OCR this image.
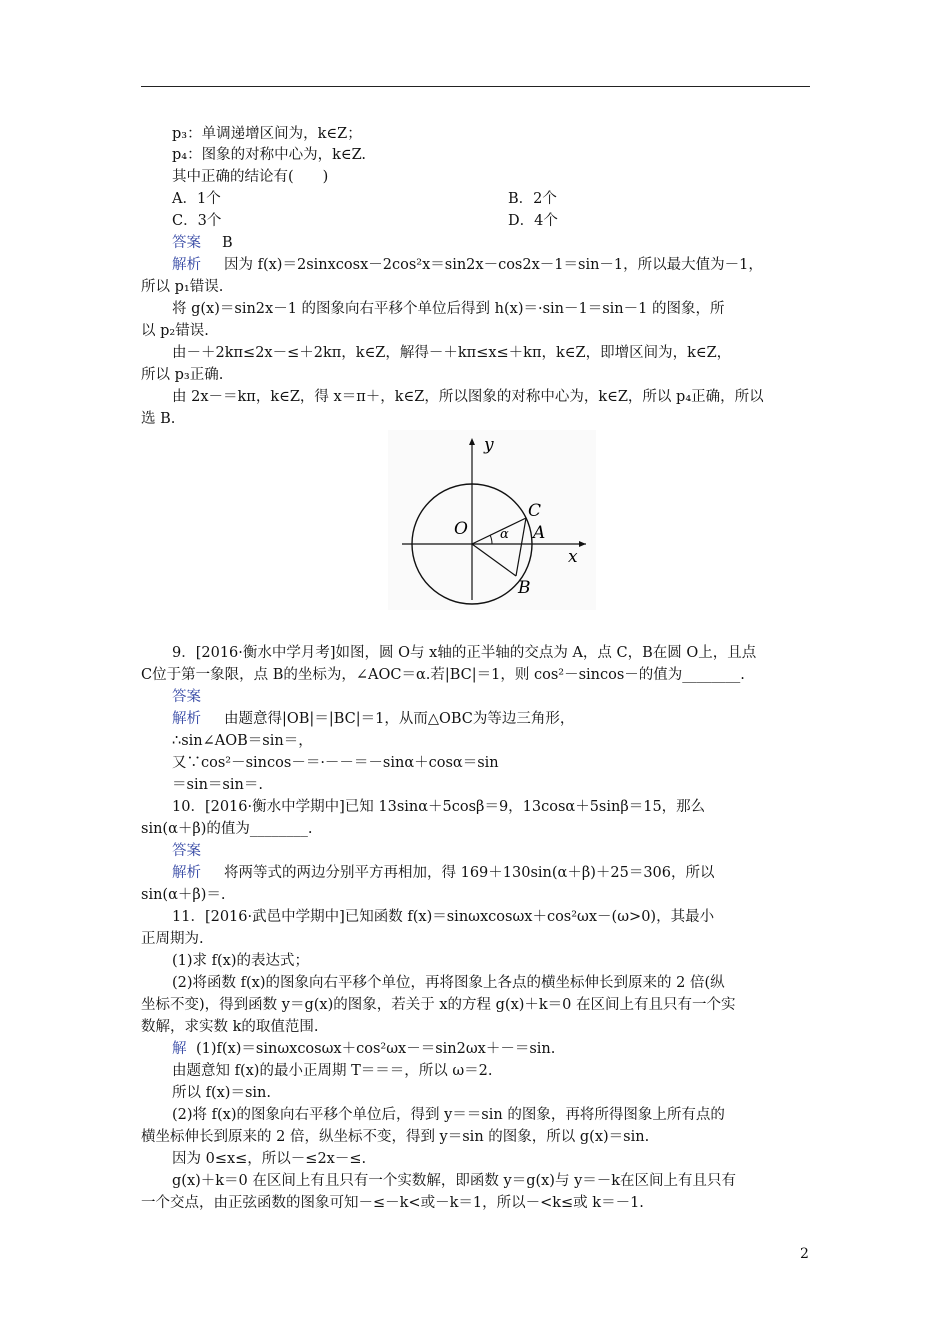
p₃：单调递增区间为，k∈Z；
p₄：图象的对称中心为，k∈Z.
其中正确的结论有(　　)
A．1个	B．2个
C．3个	D．4个
答案 B
解析 因为 f(x)＝2sinxcosx－2cos²x＝sin2x－cos2x－1＝sin－1，所以最大值为－1，
所以 p₁错误.
将 g(x)＝sin2x－1 的图象向右平移个单位后得到 h(x)＝·sin－1＝sin－1 的图象，所
以 p₂错误.
由－＋2kπ≤2x－≤＋2kπ，k∈Z，解得－＋kπ≤x≤＋kπ，k∈Z，即增区间为，k∈Z，
所以 p₃正确.
由 2x－＝kπ，k∈Z，得 x＝π＋，k∈Z，所以图象的对称中心为，k∈Z，所以 p₄正确，所以
选 B.
y
x
O
C
A
B
α
9．[2016·衡水中学月考]如图，圆 O与 x轴的正半轴的交点为 A，点 C，B在圆 O上，且点
C位于第一象限，点 B的坐标为，∠AOC＝α.若|BC|＝1，则 cos²－sincos－的值为________.
答案
解析 由题意得|OB|＝|BC|＝1，从而△OBC为等边三角形，
∴sin∠AOB＝sin＝，
又∵cos²－sincos－＝·－－＝－sinα＋cosα＝sin
＝sin＝sin＝.
10．[2016·衡水中学期中]已知 13sinα＋5cosβ＝9，13cosα＋5sinβ＝15，那么
sin(α＋β)的值为________.
答案
解析 将两等式的两边分别平方再相加，得 169＋130sin(α＋β)＋25＝306，所以
sin(α＋β)＝.
11．[2016·武邑中学期中]已知函数 f(x)＝sinωxcosωx＋cos²ωx－(ω>0)，其最小
正周期为.
(1)求 f(x)的表达式；
(2)将函数 f(x)的图象向右平移个单位，再将图象上各点的横坐标伸长到原来的 2 倍(纵
坐标不变)，得到函数 y＝g(x)的图象，若关于 x的方程 g(x)＋k＝0 在区间上有且只有一个实
数解，求实数 k的取值范围.
解 (1)f(x)＝sinωxcosωx＋cos²ωx－＝sin2ωx＋－＝sin.
由题意知 f(x)的最小正周期 T＝＝＝，所以 ω＝2.
所以 f(x)＝sin.
(2)将 f(x)的图象向右平移个单位后，得到 y＝＝sin 的图象，再将所得图象上所有点的
横坐标伸长到原来的 2 倍，纵坐标不变，得到 y＝sin 的图象，所以 g(x)＝sin.
因为 0≤x≤，所以－≤2x－≤.
g(x)＋k＝0 在区间上有且只有一个实数解，即函数 y＝g(x)与 y＝－k在区间上有且只有
一个交点，由正弦函数的图象可知－≤－k<或－k＝1，所以－<k≤或 k＝－1.
2
